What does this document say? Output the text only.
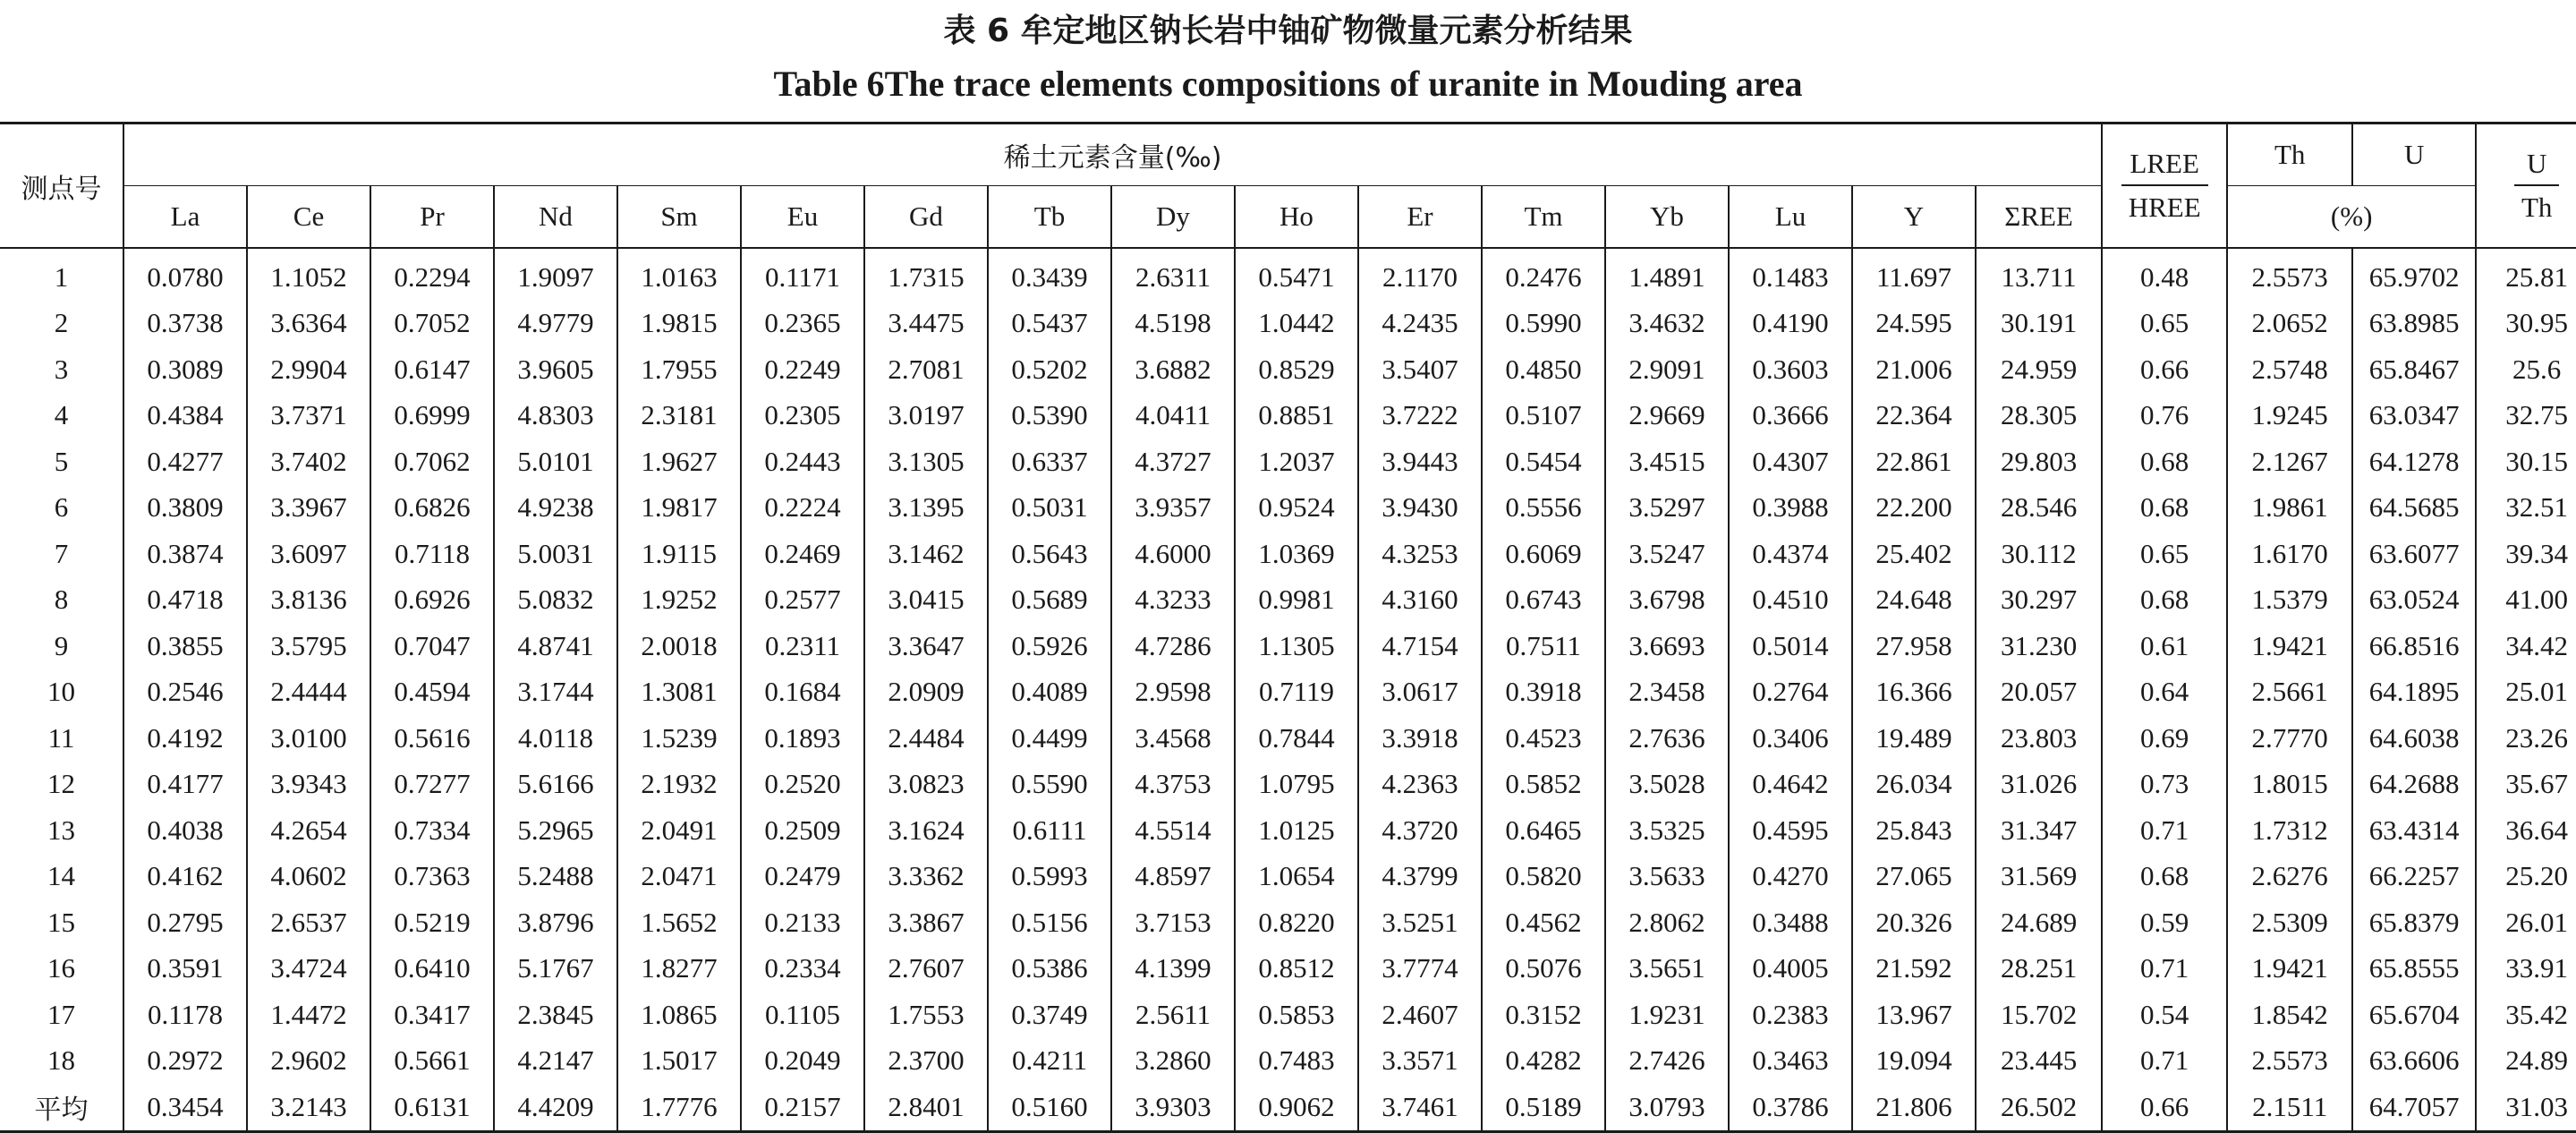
表 6 牟定地区钠长岩中铀矿物微量元素分析结果
Table 6The trace elements compositions of uranite in Mouding area
测点号	稀土元素含量(‰)																$\frac{\text{LREE}}{\text{HREE}}$	Th	U	$\frac{U}{Th}$

	La	Ce	Pr	Nd	Sm	Eu	Gd	Tb	Dy	Ho	Er	Tm	Yb	Lu	Y	ΣREE		(%)		
1	0.0780	1.1052	0.2294	1.9097	1.0163	0.1171	1.7315	0.3439	2.6311	0.5471	2.1170	0.2476	1.4891	0.1483	11.697	13.711	0.48	2.5573	65.9702	25.81
2	0.3738	3.6364	0.7052	4.9779	1.9815	0.2365	3.4475	0.5437	4.5198	1.0442	4.2435	0.5990	3.4632	0.4190	24.595	30.191	0.65	2.0652	63.8985	30.95
3	0.3089	2.9904	0.6147	3.9605	1.7955	0.2249	2.7081	0.5202	3.6882	0.8529	3.5407	0.4850	2.9091	0.3603	21.006	24.959	0.66	2.5748	65.8467	25.6
4	0.4384	3.7371	0.6999	4.8303	2.3181	0.2305	3.0197	0.5390	4.0411	0.8851	3.7222	0.5107	2.9669	0.3666	22.364	28.305	0.76	1.9245	63.0347	32.75
5	0.4277	3.7402	0.7062	5.0101	1.9627	0.2443	3.1305	0.6337	4.3727	1.2037	3.9443	0.5454	3.4515	0.4307	22.861	29.803	0.68	2.1267	64.1278	30.15
6	0.3809	3.3967	0.6826	4.9238	1.9817	0.2224	3.1395	0.5031	3.9357	0.9524	3.9430	0.5556	3.5297	0.3988	22.200	28.546	0.68	1.9861	64.5685	32.51
7	0.3874	3.6097	0.7118	5.0031	1.9115	0.2469	3.1462	0.5643	4.6000	1.0369	4.3253	0.6069	3.5247	0.4374	25.402	30.112	0.65	1.6170	63.6077	39.34
8	0.4718	3.8136	0.6926	5.0832	1.9252	0.2577	3.0415	0.5689	4.3233	0.9981	4.3160	0.6743	3.6798	0.4510	24.648	30.297	0.68	1.5379	63.0524	41.00
9	0.3855	3.5795	0.7047	4.8741	2.0018	0.2311	3.3647	0.5926	4.7286	1.1305	4.7154	0.7511	3.6693	0.5014	27.958	31.230	0.61	1.9421	66.8516	34.42
10	0.2546	2.4444	0.4594	3.1744	1.3081	0.1684	2.0909	0.4089	2.9598	0.7119	3.0617	0.3918	2.3458	0.2764	16.366	20.057	0.64	2.5661	64.1895	25.01
11	0.4192	3.0100	0.5616	4.0118	1.5239	0.1893	2.4484	0.4499	3.4568	0.7844	3.3918	0.4523	2.7636	0.3406	19.489	23.803	0.69	2.7770	64.6038	23.26
12	0.4177	3.9343	0.7277	5.6166	2.1932	0.2520	3.0823	0.5590	4.3753	1.0795	4.2363	0.5852	3.5028	0.4642	26.034	31.026	0.73	1.8015	64.2688	35.67
13	0.4038	4.2654	0.7334	5.2965	2.0491	0.2509	3.1624	0.6111	4.5514	1.0125	4.3720	0.6465	3.5325	0.4595	25.843	31.347	0.71	1.7312	63.4314	36.64
14	0.4162	4.0602	0.7363	5.2488	2.0471	0.2479	3.3362	0.5993	4.8597	1.0654	4.3799	0.5820	3.5633	0.4270	27.065	31.569	0.68	2.6276	66.2257	25.20
15	0.2795	2.6537	0.5219	3.8796	1.5652	0.2133	3.3867	0.5156	3.7153	0.8220	3.5251	0.4562	2.8062	0.3488	20.326	24.689	0.59	2.5309	65.8379	26.01
16	0.3591	3.4724	0.6410	5.1767	1.8277	0.2334	2.7607	0.5386	4.1399	0.8512	3.7774	0.5076	3.5651	0.4005	21.592	28.251	0.71	1.9421	65.8555	33.91
17	0.1178	1.4472	0.3417	2.3845	1.0865	0.1105	1.7553	0.3749	2.5611	0.5853	2.4607	0.3152	1.9231	0.2383	13.967	15.702	0.54	1.8542	65.6704	35.42
18	0.2972	2.9602	0.5661	4.2147	1.5017	0.2049	2.3700	0.4211	3.2860	0.7483	3.3571	0.4282	2.7426	0.3463	19.094	23.445	0.71	2.5573	63.6606	24.89
平均	0.3454	3.2143	0.6131	4.4209	1.7776	0.2157	2.8401	0.5160	3.9303	0.9062	3.7461	0.5189	3.0793	0.3786	21.806	26.502	0.66	2.1511	64.7057	31.03
